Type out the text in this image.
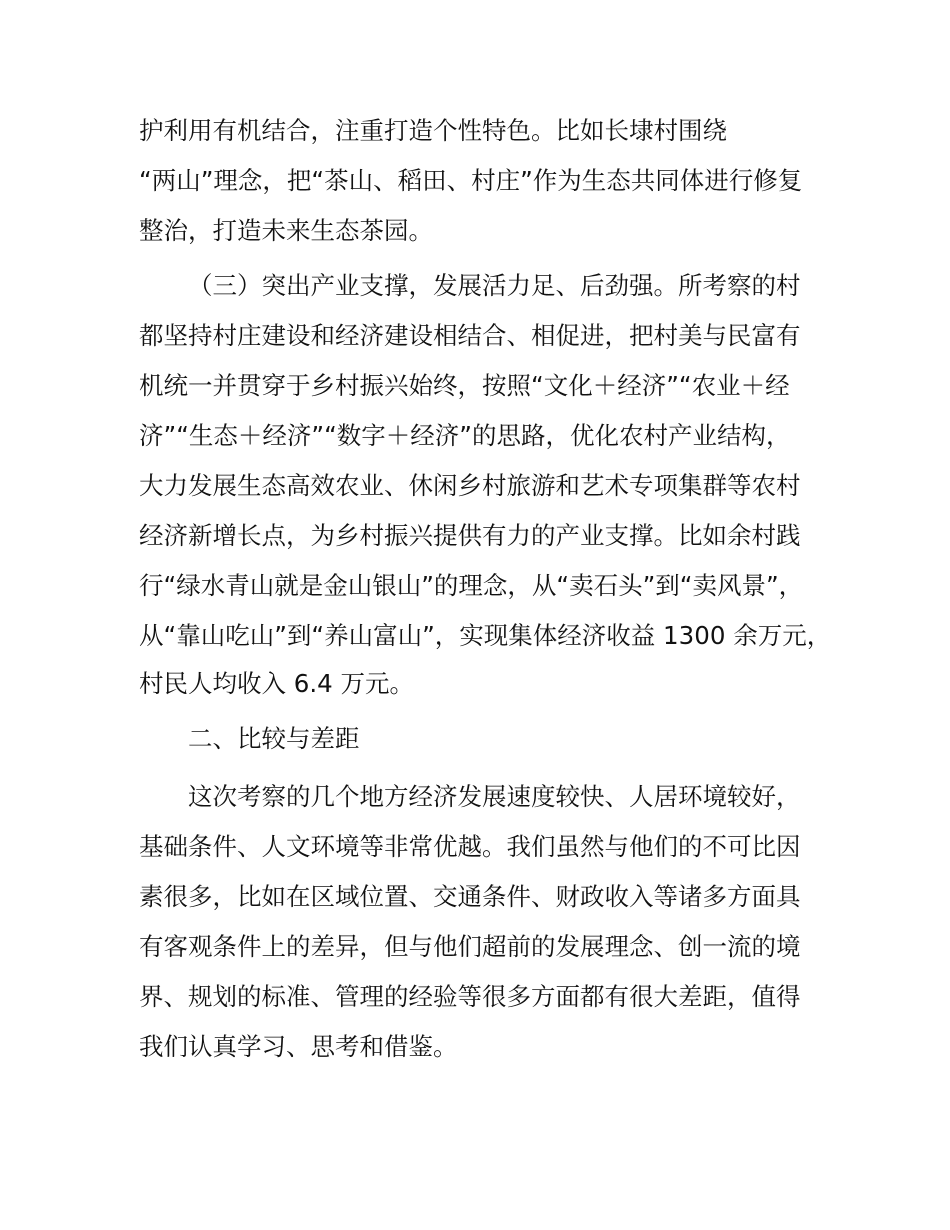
护利用有机结合，注重打造个性特色。比如长埭村围绕
“两山”理念，把“茶山、稻田、村庄”作为生态共同体进行修复
整治，打造未来生态茶园。
（三）突出产业支撑，发展活力足、后劲强。所考察的村
都坚持村庄建设和经济建设相结合、相促进，把村美与民富有
机统一并贯穿于乡村振兴始终，按照“文化＋经济”“农业＋经
济”“生态＋经济”“数字＋经济”的思路，优化农村产业结构，
大力发展生态高效农业、休闲乡村旅游和艺术专项集群等农村
经济新增长点，为乡村振兴提供有力的产业支撑。比如余村践
行“绿水青山就是金山银山”的理念，从“卖石头”到“卖风景”，
从“靠山吃山”到“养山富山”，实现集体经济收益 1300 余万元，
村民人均收入 6.4 万元。
二、比较与差距
这次考察的几个地方经济发展速度较快、人居环境较好，
基础条件、人文环境等非常优越。我们虽然与他们的不可比因
素很多，比如在区域位置、交通条件、财政收入等诸多方面具
有客观条件上的差异，但与他们超前的发展理念、创一流的境
界、规划的标准、管理的经验等很多方面都有很大差距，值得
我们认真学习、思考和借鉴。
